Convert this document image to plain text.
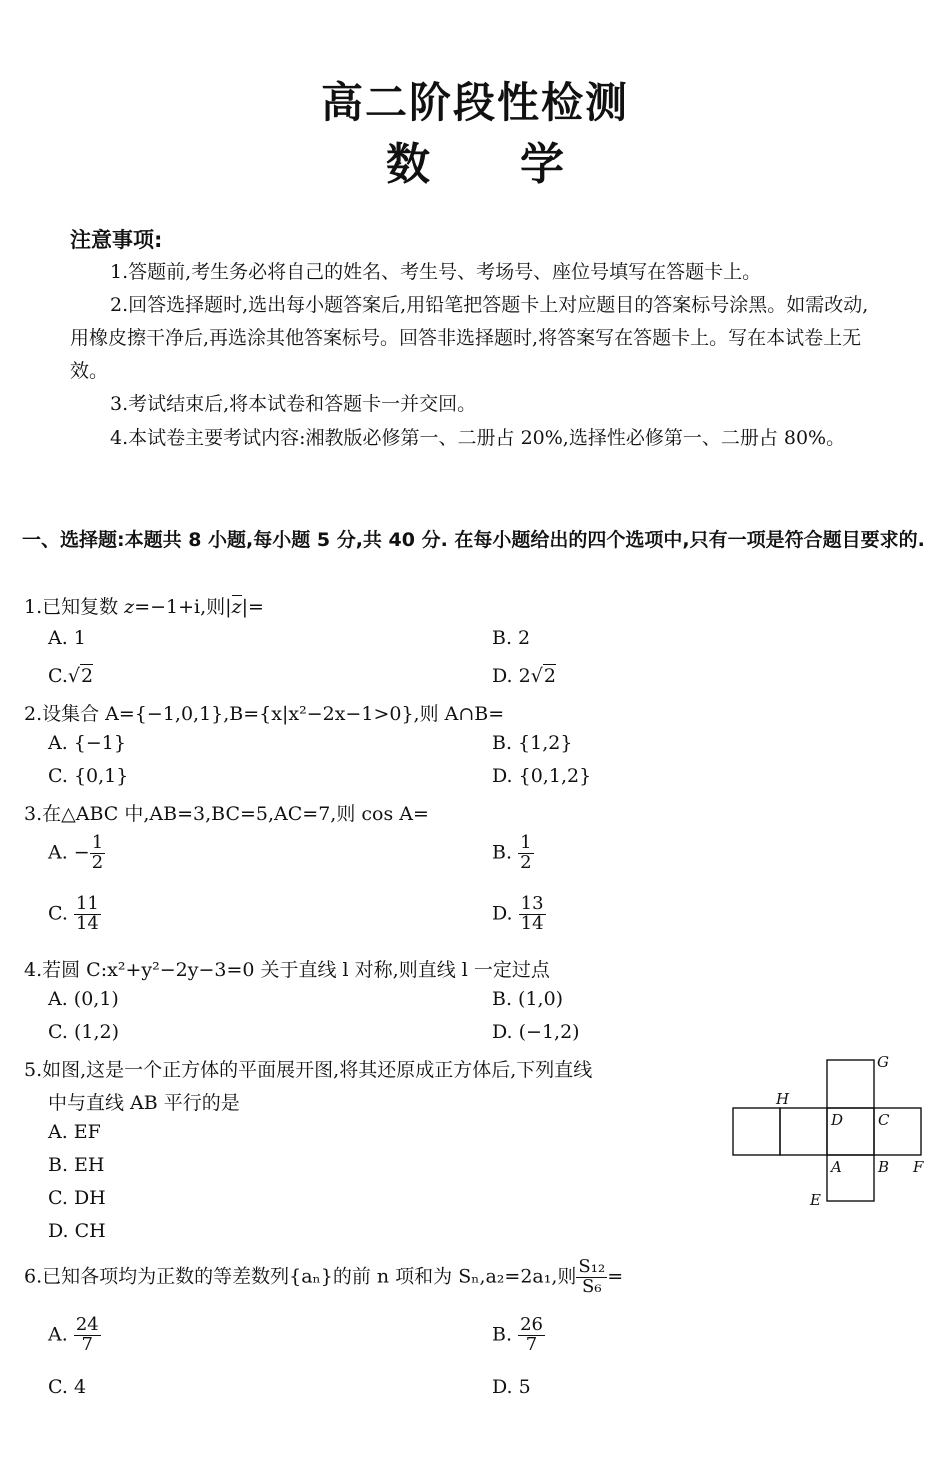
高二阶段性检测
数学
注意事项:
1.答题前,考生务必将自己的姓名、考生号、考场号、座位号填写在答题卡上。
2.回答选择题时,选出每小题答案后,用铅笔把答题卡上对应题目的答案标号涂黑。如需改动,用橡皮擦干净后,再选涂其他答案标号。回答非选择题时,将答案写在答题卡上。写在本试卷上无效。
3.考试结束后,将本试卷和答题卡一并交回。
4.本试卷主要考试内容:湘教版必修第一、二册占 20%,选择性必修第一、二册占 80%。
一、选择题:本题共 8 小题,每小题 5 分,共 40 分. 在每小题给出的四个选项中,只有一项是符合题目要求的.
1.已知复数 z=−1+i,则|z|=
A. 1	B. 2
C.√2	D. 2√2
2.设集合 A={−1,0,1},B={x|x²−2x−1>0},则 A∩B=
A. {−1}	B. {1,2}
C. {0,1}	D. {0,1,2}
3.在△ABC 中,AB=3,BC=5,AC=7,则 cos A=
A. − $\frac{1}{2}$	B. $\frac{1}{2}$
C. $\frac{11}{14}$	D. $\frac{13}{14}$
4.若圆 C:x²+y²−2y−3=0 关于直线 l 对称,则直线 l 一定过点
A. (0,1)	B. (1,0)
C. (1,2)	D. (−1,2)
5.如图,这是一个正方体的平面展开图,将其还原成正方体后,下列直线
中与直线 AB 平行的是
A. EF
B. EH
C. DH
D. CH
G
H
D C
A B F
E
6.已知各项均为正数的等差数列{aₙ}的前 n 项和为 Sₙ,a₂=2a₁,则 $\frac{\text{S₁₂}}{\text{S₆}}$ =
A. $\frac{24}{7}$	B. $\frac{26}{7}$
C. 4	D. 5
